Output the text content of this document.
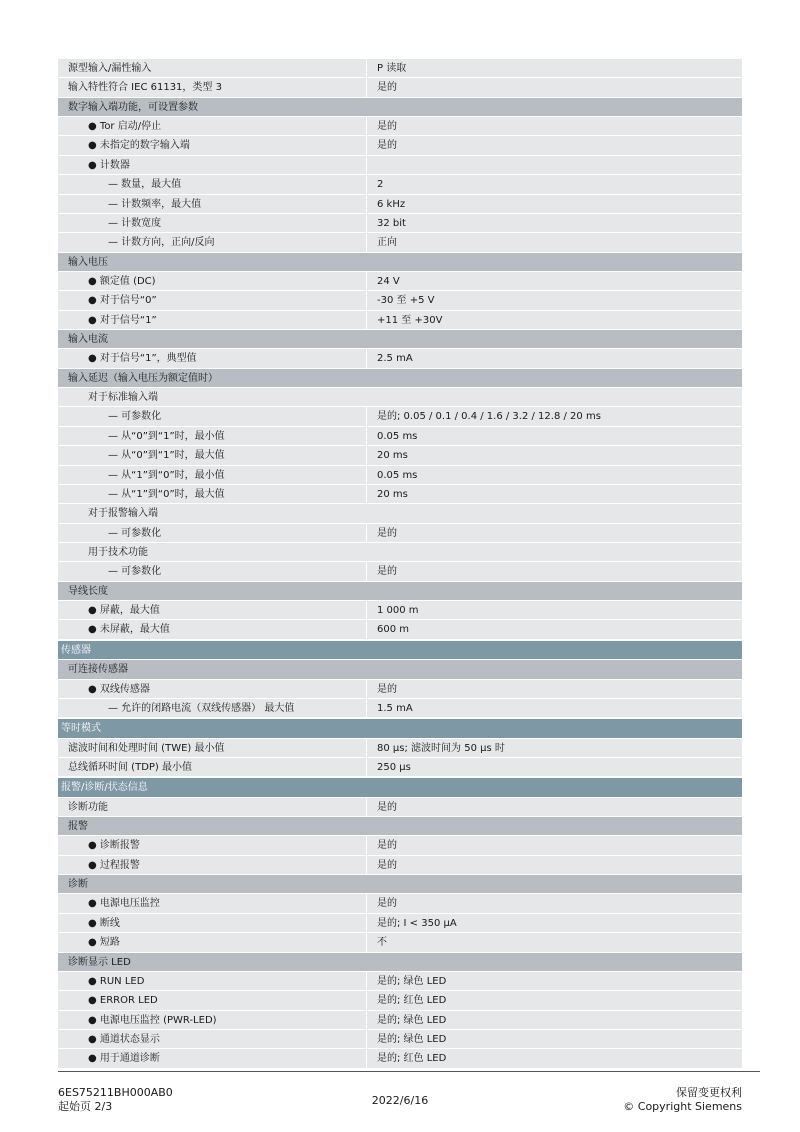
源型输入/漏性输入	P 读取
输入特性符合 IEC 61131，类型 3	是的
数字输入端功能，可设置参数
● Tor 启动/停止	是的
● 未指定的数字输入端	是的
● 计数器
— 数量，最大值	2
— 计数频率，最大值	6 kHz
— 计数宽度	32 bit
— 计数方向，正向/反向	正向
输入电压
● 额定值 (DC)	24 V
● 对于信号“0”	-30 至 +5 V
● 对于信号“1”	+11 至 +30V
输入电流
● 对于信号“1”，典型值	2.5 mA
输入延迟（输入电压为额定值时）
对于标准输入端
— 可参数化	是的; 0.05 / 0.1 / 0.4 / 1.6 / 3.2 / 12.8 / 20 ms
— 从“0”到“1”时，最小值	0.05 ms
— 从“0”到“1”时，最大值	20 ms
— 从“1”到“0”时，最小值	0.05 ms
— 从“1”到“0”时，最大值	20 ms
对于报警输入端
— 可参数化	是的
用于技术功能
— 可参数化	是的
导线长度
● 屏蔽，最大值	1 000 m
● 未屏蔽，最大值	600 m
传感器
可连接传感器
● 双线传感器	是的
— 允许的闭路电流（双线传感器） 最大值	1.5 mA
等时模式
滤波时间和处理时间 (TWE) 最小值	80 µs; 滤波时间为 50 µs 时
总线循环时间 (TDP) 最小值	250 µs
报警/诊断/状态信息
诊断功能	是的
报警
● 诊断报警	是的
● 过程报警	是的
诊断
● 电源电压监控	是的
● 断线	是的; I < 350 µA
● 短路	不
诊断显示 LED
● RUN LED	是的; 绿色 LED
● ERROR LED	是的; 红色 LED
● 电源电压监控 (PWR-LED)	是的; 绿色 LED
● 通道状态显示	是的; 绿色 LED
● 用于通道诊断	是的; 红色 LED
6ES75211BH000AB0
起始页 2/3	2022/6/16
保留变更权利
© Copyright Siemens
